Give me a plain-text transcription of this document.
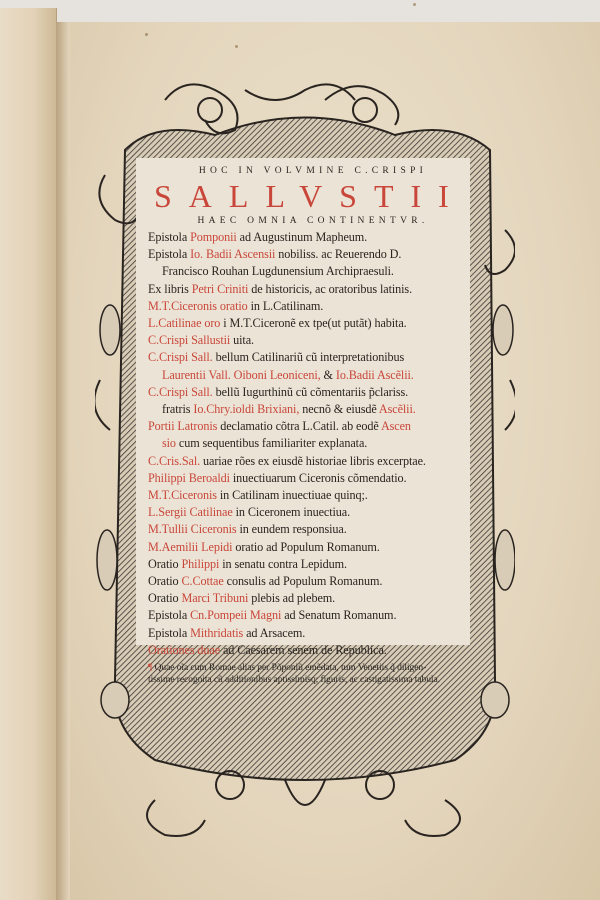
HOC IN VOLVMINE C.CRISPI
SALLVSTII
HAEC OMNIA CONTINENTVR.
Epistola Pomponii ad Augustinum Mapheum.
Epistola Io. Badii Ascensii nobiliss. ac Reuerendo D.
Francisco Rouhan Lugdunensium Archipraesuli.
Ex libris Petri Criniti de historicis, ac oratoribus latinis.
M.T.Ciceronis oratio in L.Catilinam.
L.Catilinae oro i M.T.Ciceronẽ ex tpe(ut putãt) habita.
C.Crispi Sallustii uita.
C.Crispi Sall. bellum Catilinariũ cũ interpretationibus
Laurentii Vall. Oiboni Leoniceni, & Io.Badii Ascẽlii.
C.Crispi Sall. bellũ Iugurthinũ cũ cõmentariis p̃clariss.
fratris Io.Chry.ioldi Brixiani, necnõ & eiusdẽ Ascẽlii.
Portii Latronis declamatio cõtra L.Catil. ab eodẽ Ascen
sio cum sequentibus familiariter explanata.
C.Cris.Sal. uariae rões ex eiusdẽ historiae libris excerptae.
Philippi Beroaldi inuectiuarum Ciceronis cõmendatio.
M.T.Ciceronis in Catilinam inuectiuae quinq;.
L.Sergii Catilinae in Ciceronem inuectiua.
M.Tullii Ciceronis in eundem responsiua.
M.Aemilii Lepidi oratio ad Populum Romanum.
Oratio Philippi in senatu contra Lepidum.
Oratio C.Cottae consulis ad Populum Romanum.
Oratio Marci Tribuni plebis ad plebem.
Epistola Cn.Pompeii Magni ad Senatum Romanum.
Epistola Mithridatis ad Arsacem.
Orationes duae ad Caesarem senem de Republica.
¶ Quae oĩa cum Romae alias per Põponiũ emẽdata, tum Venetiis q̃ diligen-
tissime recognita cũ additionibus aptissimisq; figuris, ac castigatissima tabula.
